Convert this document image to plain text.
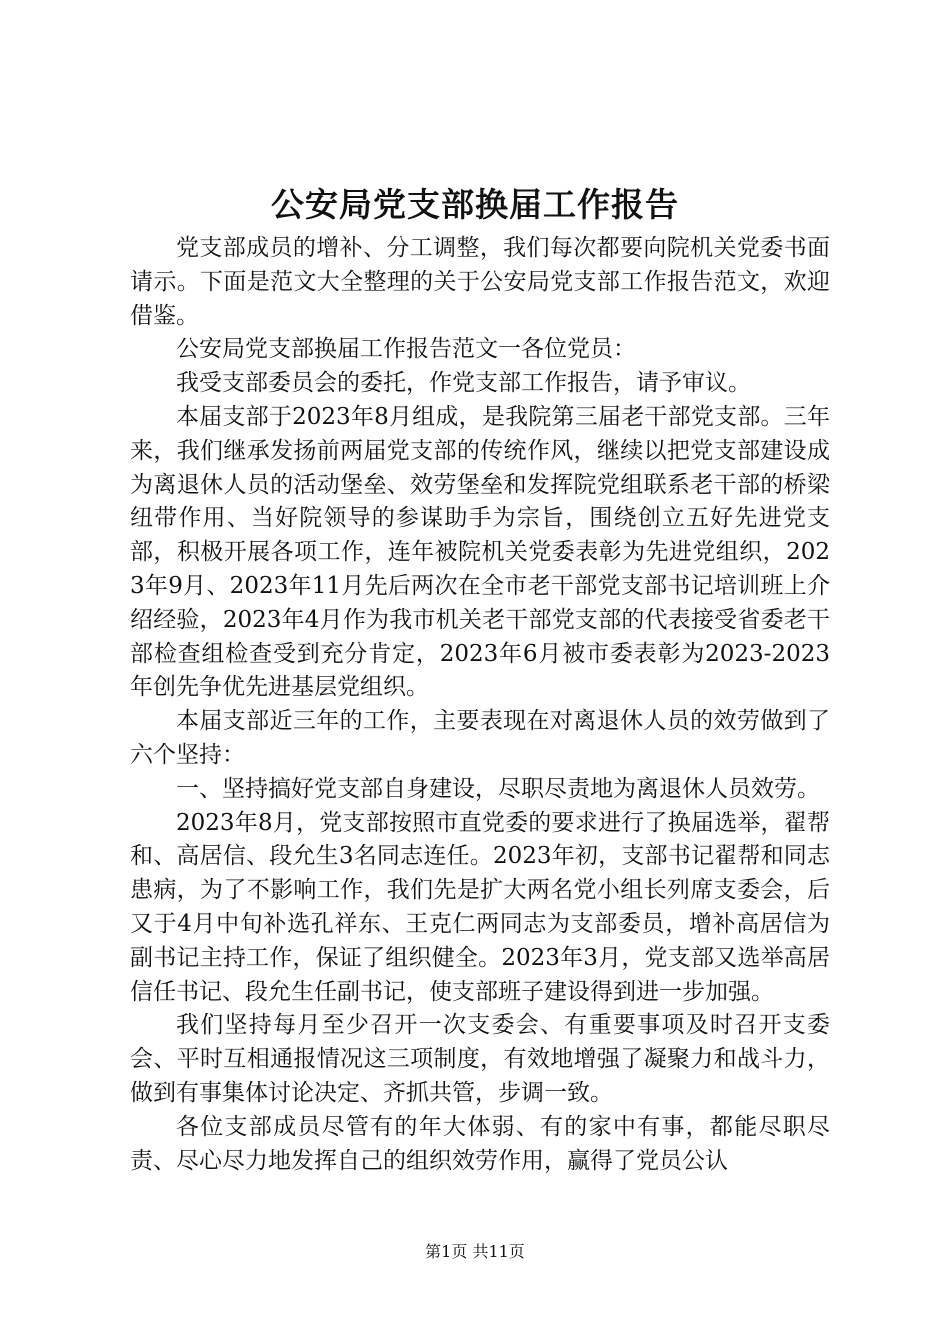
公安局党支部换届工作报告

党支部成员的增补、分工调整，我们每次都要向院机关党委书面请示。下面是范文大全整理的关于公安局党支部工作报告范文，欢迎借鉴。

公安局党支部换届工作报告范文一各位党员：

我受支部委员会的委托，作党支部工作报告，请予审议。

本届支部于2023年8月组成，是我院第三届老干部党支部。三年来，我们继承发扬前两届党支部的传统作风，继续以把党支部建设成为离退休人员的活动堡垒、效劳堡垒和发挥院党组联系老干部的桥梁纽带作用、当好院领导的参谋助手为宗旨，围绕创立五好先进党支部，积极开展各项工作，连年被院机关党委表彰为先进党组织，2023年9月、2023年11月先后两次在全市老干部党支部书记培训班上介绍经验，2023年4月作为我市机关老干部党支部的代表接受省委老干部检查组检查受到充分肯定，2023年6月被市委表彰为2023-2023年创先争优先进基层党组织。

本届支部近三年的工作，主要表现在对离退休人员的效劳做到了六个坚持：

一、坚持搞好党支部自身建设，尽职尽责地为离退休人员效劳。

2023年8月，党支部按照市直党委的要求进行了换届选举，翟帮和、高居信、段允生3名同志连任。2023年初，支部书记翟帮和同志患病，为了不影响工作，我们先是扩大两名党小组长列席支委会，后又于4月中旬补选孔祥东、王克仁两同志为支部委员，增补高居信为副书记主持工作，保证了组织健全。2023年3月，党支部又选举高居信任书记、段允生任副书记，使支部班子建设得到进一步加强。

我们坚持每月至少召开一次支委会、有重要事项及时召开支委会、平时互相通报情况这三项制度，有效地增强了凝聚力和战斗力，做到有事集体讨论决定、齐抓共管，步调一致。

各位支部成员尽管有的年大体弱、有的家中有事，都能尽职尽责、尽心尽力地发挥自己的组织效劳作用，赢得了党员公认

第1页 共11页
